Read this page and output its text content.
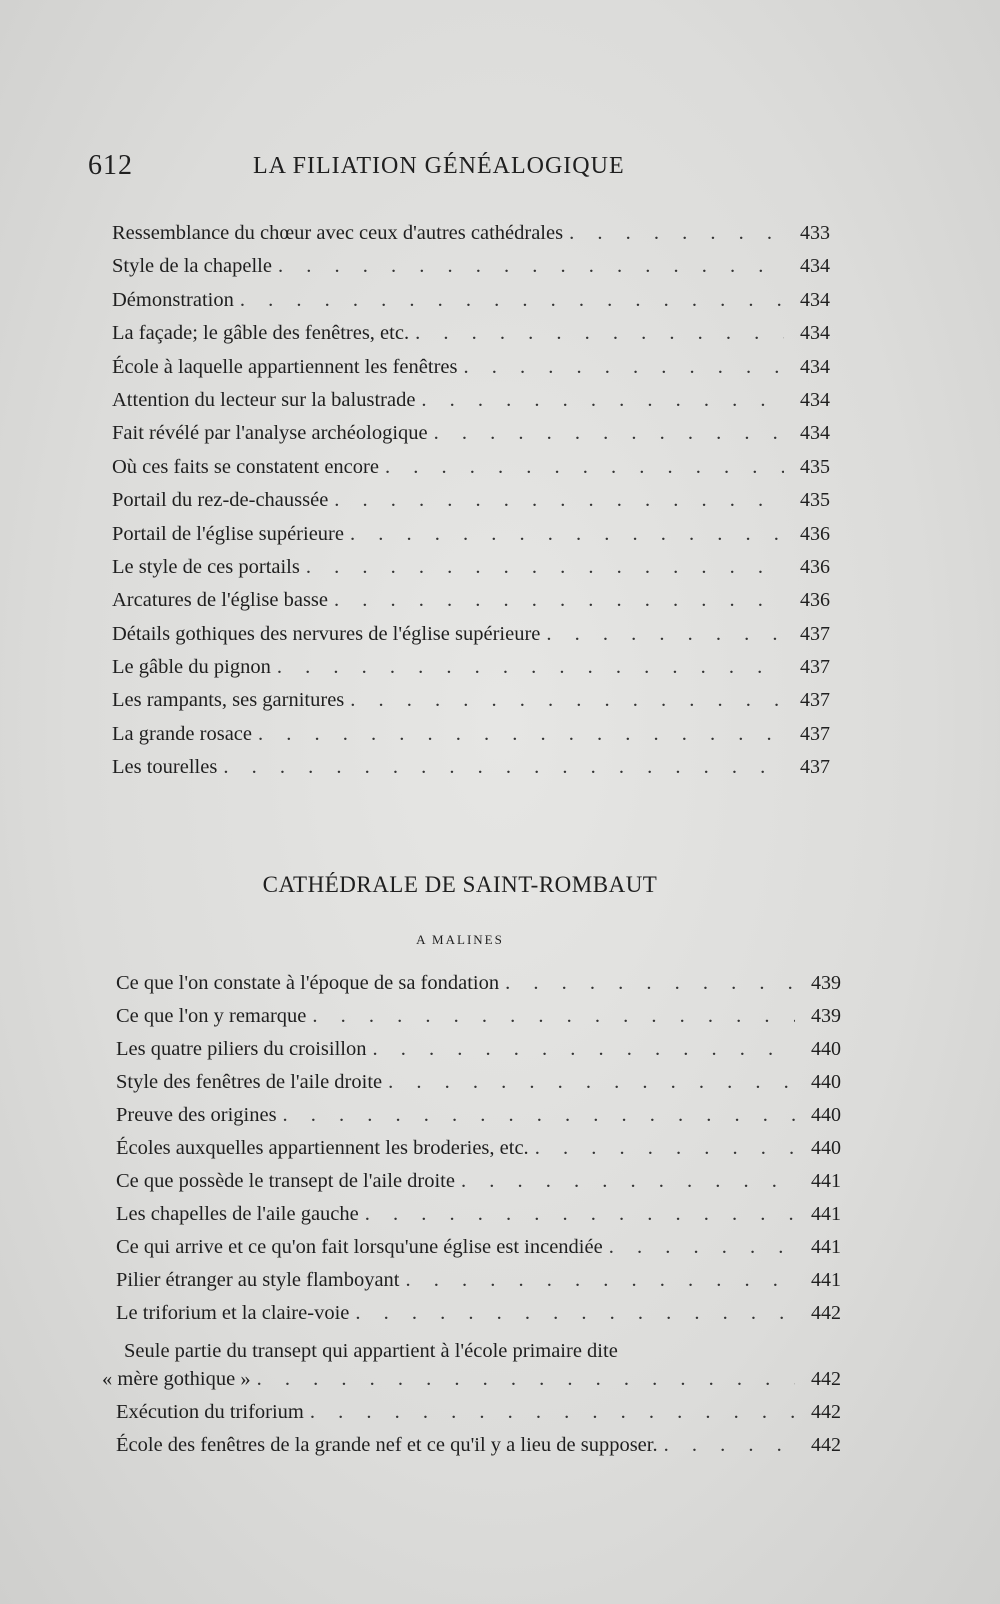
612	LA FILIATION GÉNÉALOGIQUE
Ressemblance du chœur avec ceux d'autres cathédrales . . .	433
Style de la chapelle . . .	434
Démonstration . . .	434
La façade; le gâble des fenêtres, etc. . . .	434
École à laquelle appartiennent les fenêtres . . .	434
Attention du lecteur sur la balustrade . . .	434
Fait révélé par l'analyse archéologique . . .	434
Où ces faits se constatent encore . . .	435
Portail du rez-de-chaussée . . .	435
Portail de l'église supérieure . . .	436
Le style de ces portails . . .	436
Arcatures de l'église basse . . .	436
Détails gothiques des nervures de l'église supérieure . . .	437
Le gâble du pignon . . .	437
Les rampants, ses garnitures . . .	437
La grande rosace . . .	437
Les tourelles . . .	437
CATHÉDRALE DE SAINT-ROMBAUT
A MALINES
Ce que l'on constate à l'époque de sa fondation . . .	439
Ce que l'on y remarque . . .	439
Les quatre piliers du croisillon . . .	440
Style des fenêtres de l'aile droite . . .	440
Preuve des origines . . .	440
Écoles auxquelles appartiennent les broderies, etc. . . .	440
Ce que possède le transept de l'aile droite . . .	441
Les chapelles de l'aile gauche . . .	441
Ce qui arrive et ce qu'on fait lorsqu'une église est incendiée . . .	441
Pilier étranger au style flamboyant . . .	441
Le triforium et la claire-voie . . .	442
Seule partie du transept qui appartient à l'école primaire dite
« mère gothique » . . .	442
Exécution du triforium . . .	442
École des fenêtres de la grande nef et ce qu'il y a lieu de supposer. . . .	442
